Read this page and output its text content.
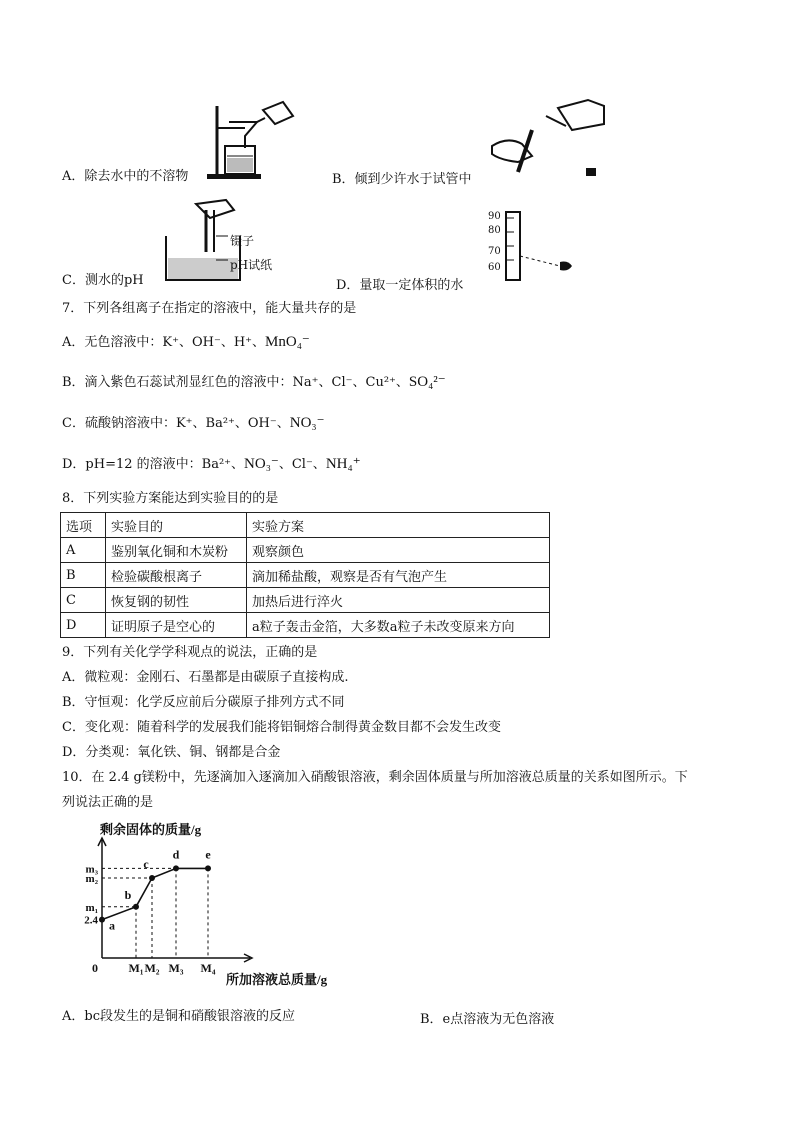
A．除去水中的不溶物	B．倾到少许水于试管中
镊子
pH试纸
C．测水的pH
90
80
70
60
D．量取一定体积的水
7．下列各组离子在指定的溶液中，能大量共存的是
A．无色溶液中：K⁺、OH⁻、H⁺、MnO₄⁻
B．滴入紫色石蕊试剂显红色的溶液中：Na⁺、Cl⁻、Cu²⁺、SO₄²⁻
C．硫酸钠溶液中：K⁺、Ba²⁺、OH⁻、NO₃⁻
D．pH=12 的溶液中：Ba²⁺、NO₃⁻、Cl⁻、NH₄⁺
8．下列实验方案能达到实验目的的是
选项	实验目的	实验方案
A	鉴别氧化铜和木炭粉	观察颜色
B	检验碳酸根离子	滴加稀盐酸，观察是否有气泡产生
C	恢复钢的韧性	加热后进行淬火
D	证明原子是空心的	a粒子轰击金箔，大多数a粒子未改变原来方向
9．下列有关化学学科观点的说法，正确的是
A．微粒观：金刚石、石墨都是由碳原子直接构成.
B．守恒观：化学反应前后分碳原子排列方式不同
C．变化观：随着科学的发展我们能将铝铜熔合制得黄金数目都不会发生改变
D．分类观：氧化铁、铜、钢都是合金
10．在 2.4 g镁粉中，先逐滴加入逐滴加入硝酸银溶液，剩余固体质量与所加溶液总质量的关系如图所示。下
列说法正确的是
剩余固体的质量/g
所加溶液总质量/g
m₃
m₂
m₁
2.4
0	M₁ M₂ M₃ M₄
a
b
c
d e
A．bc段发生的是铜和硝酸银溶液的反应	B．e点溶液为无色溶液
